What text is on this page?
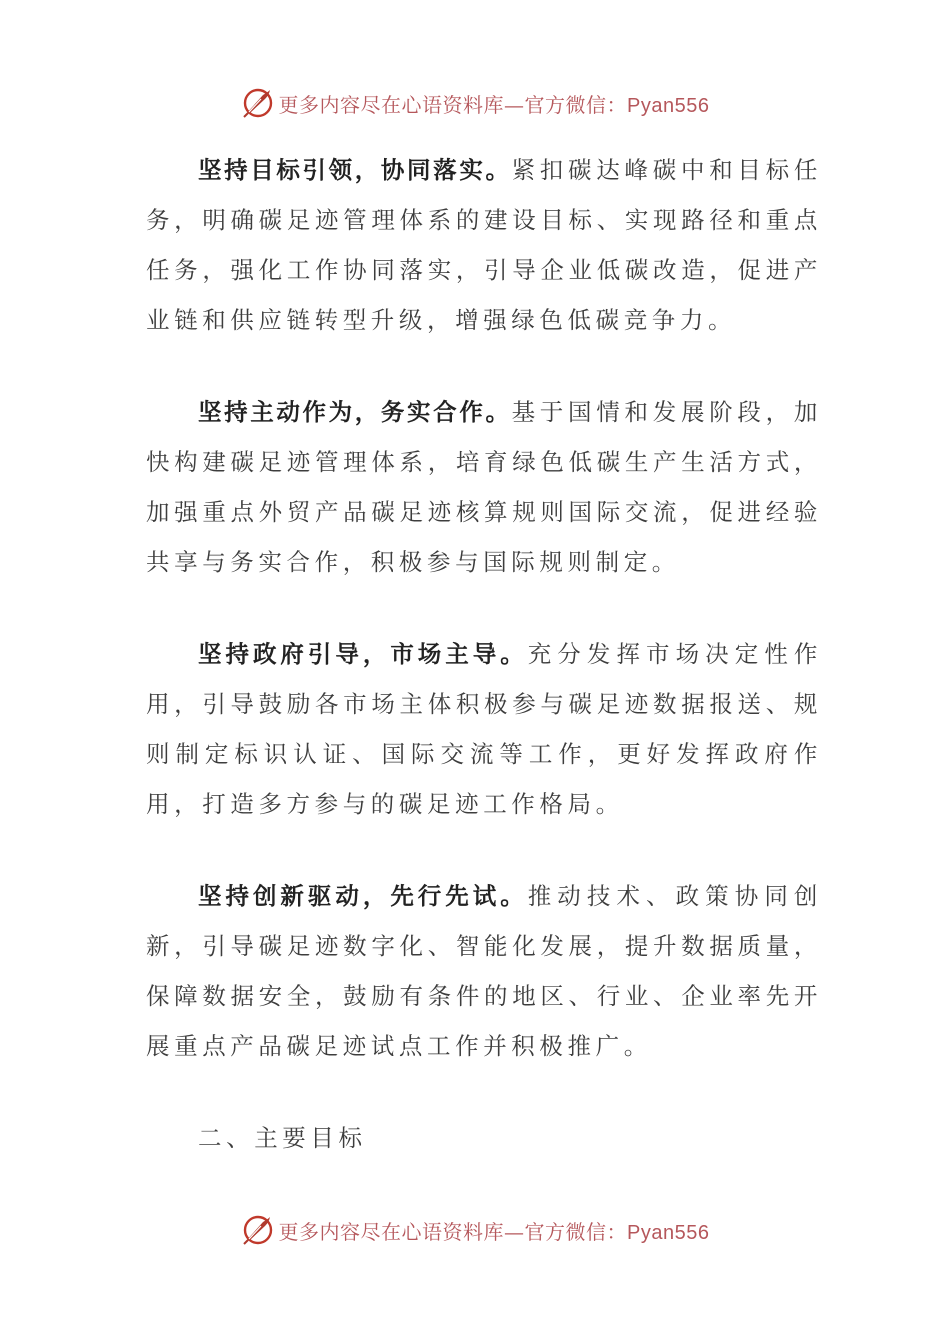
更多内容尽在心语资料库—官方微信：Pyan556

坚持目标引领，协同落实。紧扣碳达峰碳中和目标任务，明确碳足迹管理体系的建设目标、实现路径和重点任务，强化工作协同落实，引导企业低碳改造，促进产业链和供应链转型升级，增强绿色低碳竞争力。

坚持主动作为，务实合作。基于国情和发展阶段，加快构建碳足迹管理体系，培育绿色低碳生产生活方式，加强重点外贸产品碳足迹核算规则国际交流，促进经验共享与务实合作，积极参与国际规则制定。

坚持政府引导，市场主导。充分发挥市场决定性作用，引导鼓励各市场主体积极参与碳足迹数据报送、规则制定标识认证、国际交流等工作，更好发挥政府作用，打造多方参与的碳足迹工作格局。

坚持创新驱动，先行先试。推动技术、政策协同创新，引导碳足迹数字化、智能化发展，提升数据质量，保障数据安全，鼓励有条件的地区、行业、企业率先开展重点产品碳足迹试点工作并积极推广。

二、主要目标
更多内容尽在心语资料库—官方微信：Pyan556
